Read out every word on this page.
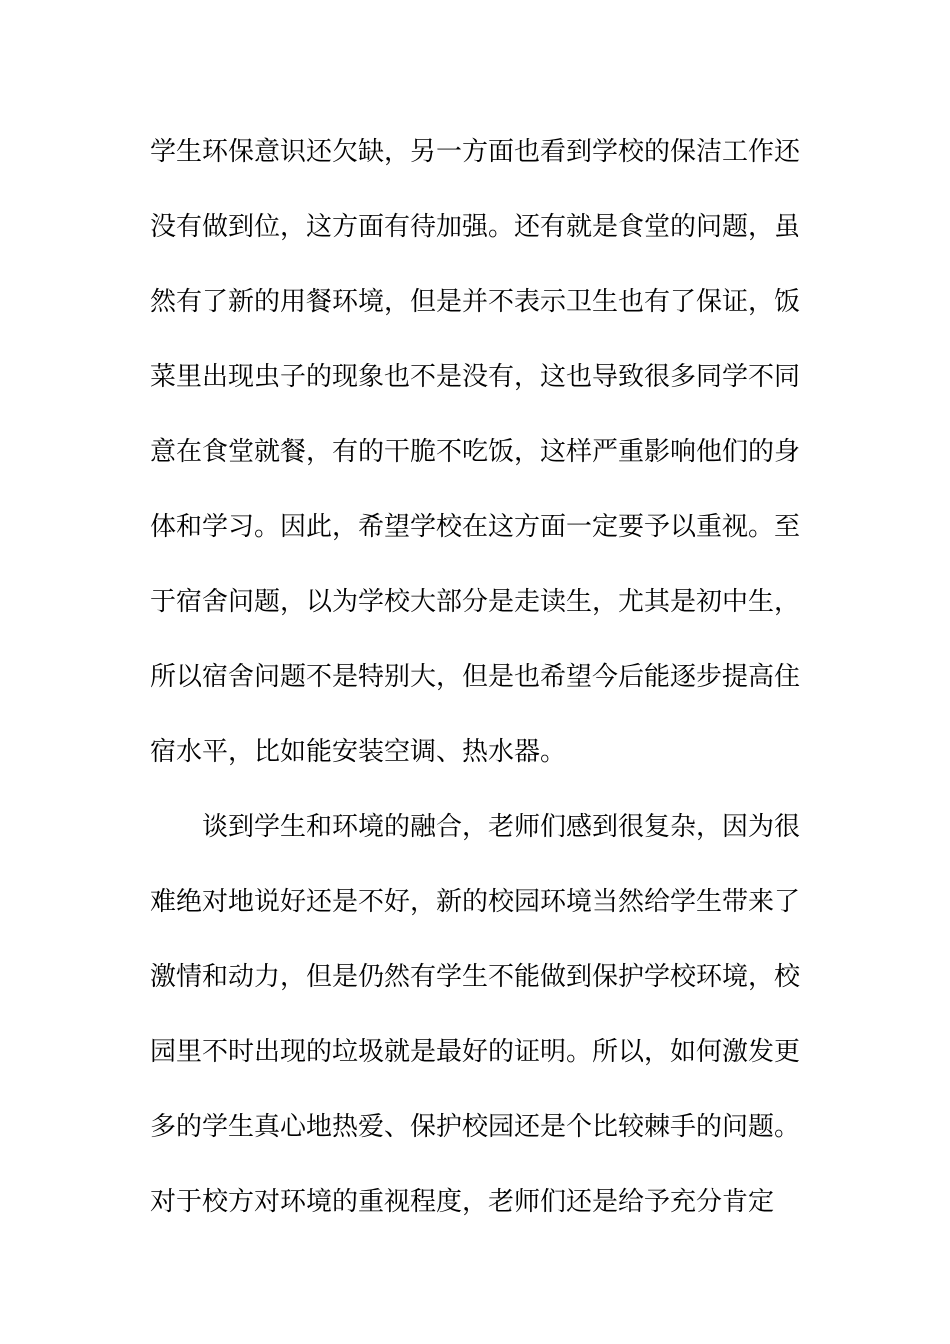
学生环保意识还欠缺，另一方面也看到学校的保洁工作还
没有做到位，这方面有待加强。还有就是食堂的问题，虽
然有了新的用餐环境，但是并不表示卫生也有了保证，饭
菜里出现虫子的现象也不是没有，这也导致很多同学不同
意在食堂就餐，有的干脆不吃饭，这样严重影响他们的身
体和学习。因此，希望学校在这方面一定要予以重视。至
于宿舍问题，以为学校大部分是走读生，尤其是初中生，
所以宿舍问题不是特别大，但是也希望今后能逐步提高住
宿水平，比如能安装空调、热水器。
谈到学生和环境的融合，老师们感到很复杂，因为很
难绝对地说好还是不好，新的校园环境当然给学生带来了
激情和动力，但是仍然有学生不能做到保护学校环境，校
园里不时出现的垃圾就是最好的证明。所以，如何激发更
多的学生真心地热爱、保护校园还是个比较棘手的问题。
对于校方对环境的重视程度，老师们还是给予充分肯定
